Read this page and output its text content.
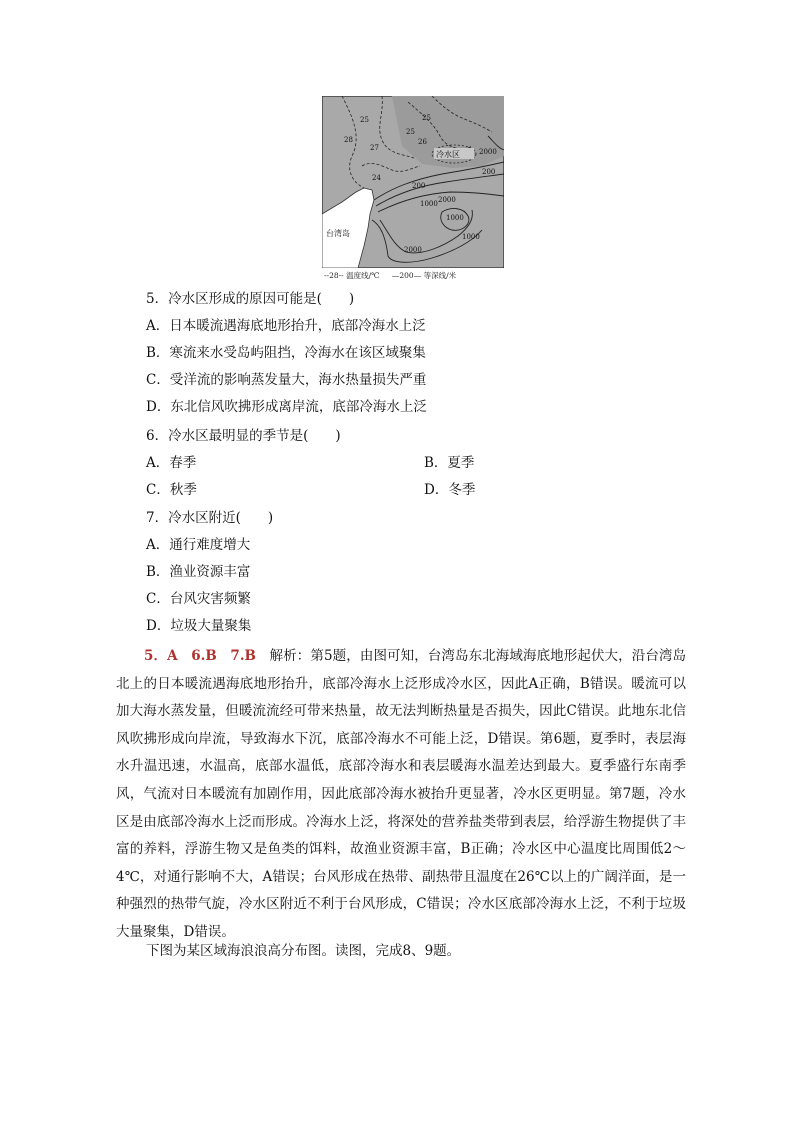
台湾岛
冷水区	2000
2000
2000
1000
1000
1000
200
200
25
25
25
27
24
26
28
--28-- 温度线/℃ —200— 等深线/米
5．冷水区形成的原因可能是(　　)
A．日本暖流遇海底地形抬升，底部冷海水上泛
B．寒流来水受岛屿阻挡，冷海水在该区域聚集
C．受洋流的影响蒸发量大，海水热量损失严重
D．东北信风吹拂形成离岸流，底部冷海水上泛
6．冷水区最明显的季节是(　　)
A．春季	B．夏季
C．秋季	D．冬季
7．冷水区附近(　　)
A．通行难度增大
B．渔业资源丰富
C．台风灾害频繁
D．垃圾大量聚集
5．A　6.B　7.B　 解析：第5题，由图可知，台湾岛东北海域海底地形起伏大，沿台湾岛北上的日本暖流遇海底地形抬升，底部冷海水上泛形成冷水区，因此A正确，B错误。暖流可以加大海水蒸发量，但暖流流经可带来热量，故无法判断热量是否损失，因此C错误。此地东北信风吹拂形成向岸流，导致海水下沉，底部冷海水不可能上泛，D错误。第6题，夏季时，表层海水升温迅速，水温高，底部水温低，底部冷海水和表层暖海水温差达到最大。夏季盛行东南季风，气流对日本暖流有加剧作用，因此底部冷海水被抬升更显著，冷水区更明显。第7题，冷水区是由底部冷海水上泛而形成。冷海水上泛，将深处的营养盐类带到表层，给浮游生物提供了丰富的养料，浮游生物又是鱼类的饵料，故渔业资源丰富，B正确；冷水区中心温度比周围低2～4℃，对通行影响不大，A错误；台风形成在热带、副热带且温度在26℃以上的广阔洋面，是一种强烈的热带气旋，冷水区附近不利于台风形成，C错误；冷水区底部冷海水上泛，不利于垃圾大量聚集，D错误。
下图为某区域海浪浪高分布图。读图，完成8、9题。
